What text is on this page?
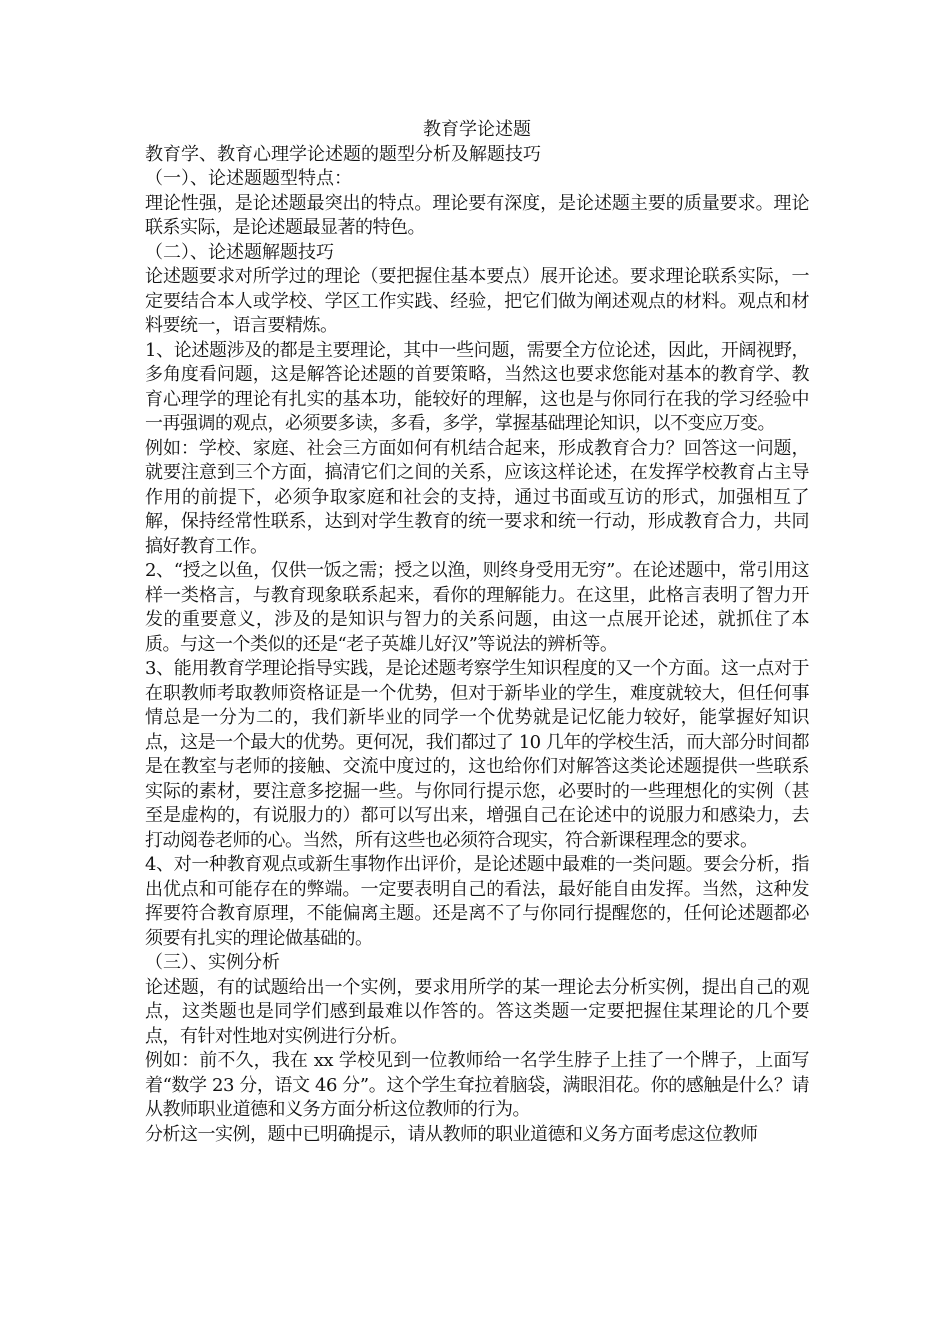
教育学论述题
教育学、教育心理学论述题的题型分析及解题技巧
（一）、论述题题型特点：

理论性强，是论述题最突出的特点。理论要有深度，是论述题主要的质量要求。理论联系实际，是论述题最显著的特色。

（二）、论述题解题技巧

论述题要求对所学过的理论（要把握住基本要点）展开论述。要求理论联系实际，一定要结合本人或学校、学区工作实践、经验，把它们做为阐述观点的材料。观点和材料要统一，语言要精炼。

1、论述题涉及的都是主要理论，其中一些问题，需要全方位论述，因此，开阔视野，多角度看问题，这是解答论述题的首要策略，当然这也要求您能对基本的教育学、教育心理学的理论有扎实的基本功，能较好的理解，这也是与你同行在我的学习经验中一再强调的观点，必须要多读，多看，多学，掌握基础理论知识，以不变应万变。

例如：学校、家庭、社会三方面如何有机结合起来，形成教育合力？回答这一问题，就要注意到三个方面，搞清它们之间的关系，应该这样论述，在发挥学校教育占主导作用的前提下，必须争取家庭和社会的支持，通过书面或互访的形式，加强相互了解，保持经常性联系，达到对学生教育的统一要求和统一行动，形成教育合力，共同搞好教育工作。

2、“授之以鱼，仅供一饭之需；授之以渔，则终身受用无穷”。在论述题中，常引用这样一类格言，与教育现象联系起来，看你的理解能力。在这里，此格言表明了智力开发的重要意义，涉及的是知识与智力的关系问题，由这一点展开论述，就抓住了本质。与这一个类似的还是“老子英雄儿好汉”等说法的辨析等。

3、能用教育学理论指导实践，是论述题考察学生知识程度的又一个方面。这一点对于在职教师考取教师资格证是一个优势，但对于新毕业的学生，难度就较大，但任何事情总是一分为二的，我们新毕业的同学一个优势就是记忆能力较好，能掌握好知识点，这是一个最大的优势。更何况，我们都过了 10 几年的学校生活，而大部分时间都是在教室与老师的接触、交流中度过的，这也给你们对解答这类论述题提供一些联系实际的素材，要注意多挖掘一些。与你同行提示您，必要时的一些理想化的实例（甚至是虚构的，有说服力的）都可以写出来，增强自己在论述中的说服力和感染力，去打动阅卷老师的心。当然，所有这些也必须符合现实，符合新课程理念的要求。

4、对一种教育观点或新生事物作出评价，是论述题中最难的一类问题。要会分析，指出优点和可能存在的弊端。一定要表明自己的看法，最好能自由发挥。当然，这种发挥要符合教育原理，不能偏离主题。还是离不了与你同行提醒您的，任何论述题都必须要有扎实的理论做基础的。

（三）、实例分析

论述题，有的试题给出一个实例，要求用所学的某一理论去分析实例，提出自己的观点，这类题也是同学们感到最难以作答的。答这类题一定要把握住某理论的几个要点，有针对性地对实例进行分析。

例如：前不久，我在 xx 学校见到一位教师给一名学生脖子上挂了一个牌子，上面写着“数学 23 分，语文 46 分”。这个学生耷拉着脑袋，满眼泪花。你的感触是什么？请从教师职业道德和义务方面分析这位教师的行为。

分析这一实例，题中已明确提示，请从教师的职业道德和义务方面考虑这位教师
